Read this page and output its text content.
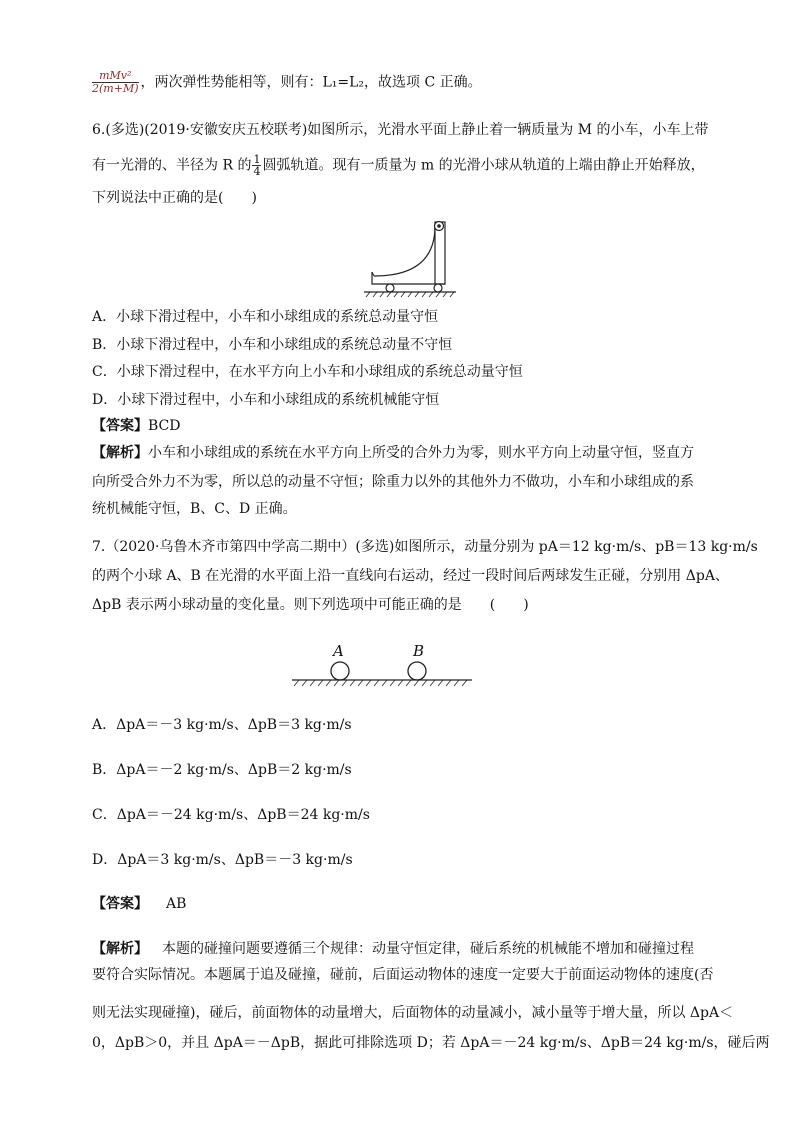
$\frac{\text{mMv²}}{2(m+M)}$ ，两次弹性势能相等，则有：L₁=L₂，故选项 C 正确。
6.(多选)(2019·安徽安庆五校联考)如图所示，光滑水平面上静止着一辆质量为 M 的小车，小车上带
有一光滑的、半径为 R 的 $\frac{1}{4}$ 圆弧轨道。现有一质量为 m 的光滑小球从轨道的上端由静止开始释放，
下列说法中正确的是(　　)
A．小球下滑过程中，小车和小球组成的系统总动量守恒
B．小球下滑过程中，小车和小球组成的系统总动量不守恒
C．小球下滑过程中，在水平方向上小车和小球组成的系统总动量守恒
D．小球下滑过程中，小车和小球组成的系统机械能守恒
【答案】BCD
【解析】小车和小球组成的系统在水平方向上所受的合外力为零，则水平方向上动量守恒，竖直方
向所受合外力不为零，所以总的动量不守恒；除重力以外的其他外力不做功，小车和小球组成的系
统机械能守恒，B、C、D 正确。
7.（2020·乌鲁木齐市第四中学高二期中）(多选)如图所示，动量分别为 pA＝12 kg·m/s、pB＝13 kg·m/s
的两个小球 A、B 在光滑的水平面上沿一直线向右运动，经过一段时间后两球发生正碰，分别用 ΔpA、
ΔpB 表示两小球动量的变化量。则下列选项中可能正确的是　　(　　)
A	B
A．ΔpA＝－3 kg·m/s、ΔpB＝3 kg·m/s
B．ΔpA＝－2 kg·m/s、ΔpB＝2 kg·m/s
C．ΔpA＝－24 kg·m/s、ΔpB＝24 kg·m/s
D．ΔpA＝3 kg·m/s、ΔpB＝－3 kg·m/s
【答案】 AB
【解析】 本题的碰撞问题要遵循三个规律：动量守恒定律，碰后系统的机械能不增加和碰撞过程
要符合实际情况。本题属于追及碰撞，碰前，后面运动物体的速度一定要大于前面运动物体的速度(否
则无法实现碰撞)，碰后，前面物体的动量增大，后面物体的动量减小，减小量等于增大量，所以 ΔpA＜
0，ΔpB＞0，并且 ΔpA＝－ΔpB，据此可排除选项 D；若 ΔpA＝－24 kg·m/s、ΔpB＝24 kg·m/s，碰后两
